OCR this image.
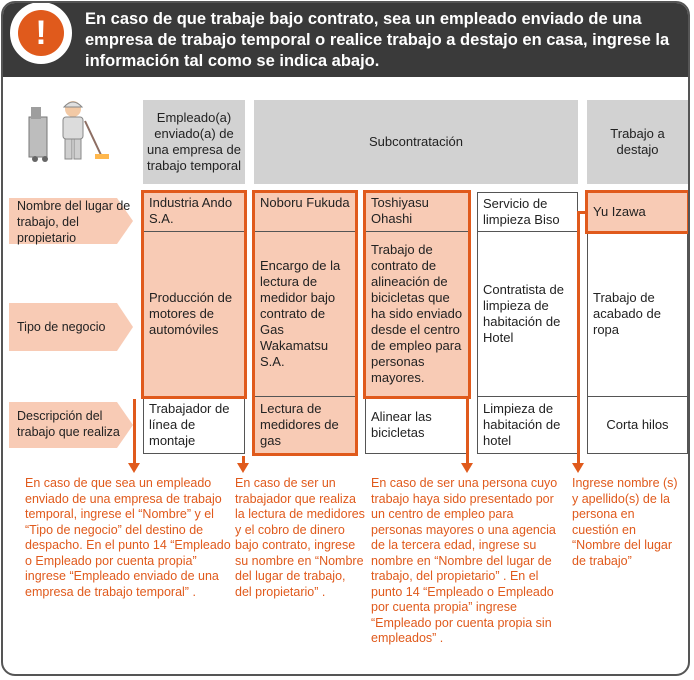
En caso de que trabaje bajo contrato, sea un empleado enviado de una empresa de trabajo temporal o realice trabajo a destajo en casa, ingrese la información tal como se indica abajo.
!
Empleado(a) enviado(a) de una empresa de trabajo temporal
Subcontratación
Trabajo a destajo
Nombre del lugar de trabajo, del propietario
Tipo de negocio
Descripción del trabajo que realiza
Industria Ando S.A.
Producción de motores de automóviles
Trabajador de línea de montaje
Noboru Fukuda
Encargo de la lectura de medidor bajo contrato de Gas Wakamatsu S.A.
Lectura de medidores de gas
Toshiyasu Ohashi
Trabajo de contrato de alineación de bicicletas que ha sido enviado desde el centro de empleo para personas mayores.
Alinear las bicicletas
Servicio de limpieza Biso
Contratista de limpieza de habitación de Hotel
Limpieza de habitación de hotel
Yu Izawa
Trabajo de acabado de ropa
Corta hilos
En caso de que sea un empleado enviado de una empresa de trabajo temporal, ingrese el “Nombre” y el “Tipo de negocio” del destino de despacho. En el punto 14 “Empleado o Empleado por cuenta propia” ingrese “Empleado enviado de una empresa de trabajo temporal” .
En caso de ser un trabajador que realiza la lectura de medidores y el cobro de dinero bajo contrato, ingrese su nombre en “Nombre del lugar de trabajo, del propietario” .
En caso de ser una persona cuyo trabajo haya sido presentado por un centro de empleo para personas mayores o una agencia de la tercera edad, ingrese su nombre en “Nombre del lugar de trabajo, del propietario” . En el punto 14 “Empleado o Empleado por cuenta propia” ingrese “Empleado por cuenta propia sin empleados” .
Ingrese nombre (s) y apellido(s) de la persona en cuestión en “Nombre del lugar de trabajo”
